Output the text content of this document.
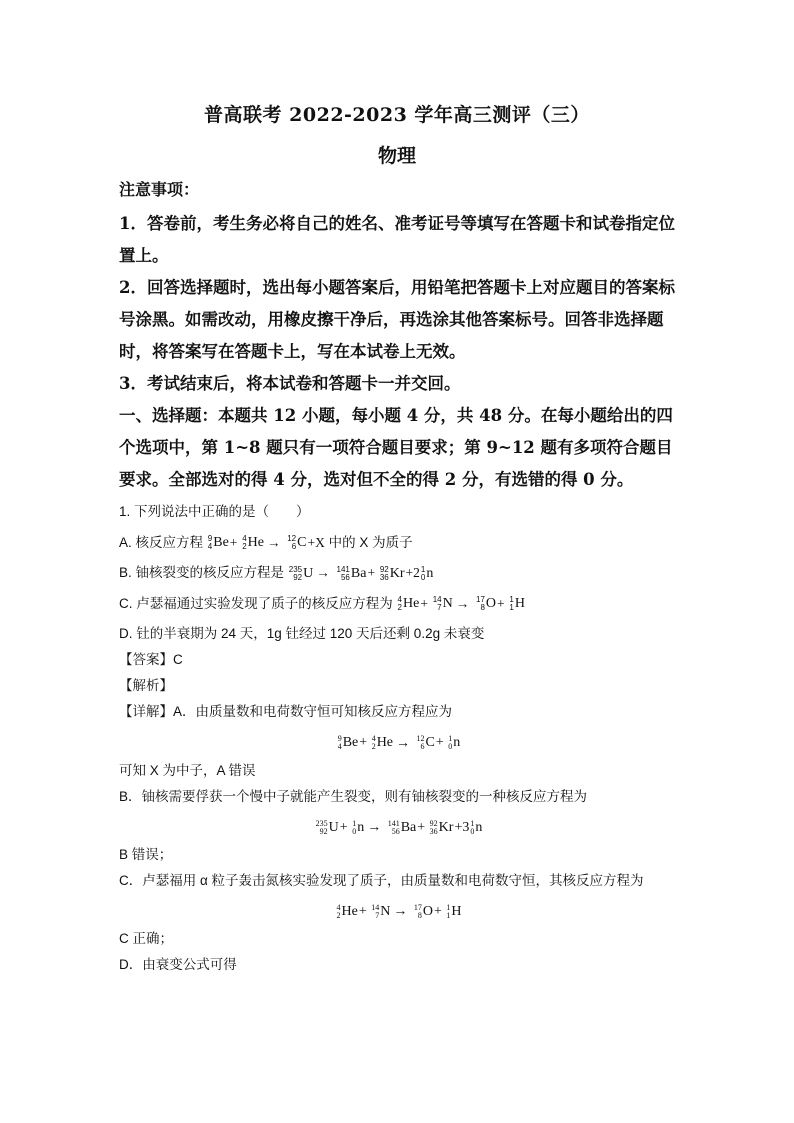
普高联考 2022-2023 学年高三测评（三）
物理
注意事项：
1．答卷前，考生务必将自己的姓名、准考证号等填写在答题卡和试卷指定位置上。
2．回答选择题时，选出每小题答案后，用铅笔把答题卡上对应题目的答案标号涂黑。如需改动，用橡皮擦干净后，再选涂其他答案标号。回答非选择题时，将答案写在答题卡上，写在本试卷上无效。
3．考试结束后，将本试卷和答题卡一并交回。
一、选择题：本题共 12 小题，每小题 4 分，共 48 分。在每小题给出的四个选项中，第 1~8 题只有一项符合题目要求；第 9~12 题有多项符合题目要求。全部选对的得 4 分，选对但不全的得 2 分，有选错的得 0 分。
1. 下列说法中正确的是（　　）
A. 核反应方程 9
4 Be + 4
2 He → 12
6 C +X 中的 X 为质子
B. 铀核裂变的核反应方程是 235
92 U → 141
56 Ba + 92
36 Kr +2 1
0 n
C. 卢瑟福通过实验发现了质子的核反应方程为 4
2 He + 14
7 N → 17
8 O + 1
1 H
D. 钍的半衰期为 24 天，1g 钍经过 120 天后还剩 0.2g 未衰变
【答案】C
【解析】
【详解】A．由质量数和电荷数守恒可知核反应方程应为
9
4 Be + 4
2 He → 12
6 C + 1
0 n
可知 X 为中子，A 错误
B．铀核需要俘获一个慢中子就能产生裂变，则有铀核裂变的一种核反应方程为
235
92 U + 1
0 n → 141
56 Ba + 92
36 Kr +3 1
0 n
B 错误；
C．卢瑟福用 α 粒子轰击氮核实验发现了质子，由质量数和电荷数守恒，其核反应方程为
4
2 He + 14
7 N → 17
8 O + 1
1 H
C 正确；
D．由衰变公式可得
